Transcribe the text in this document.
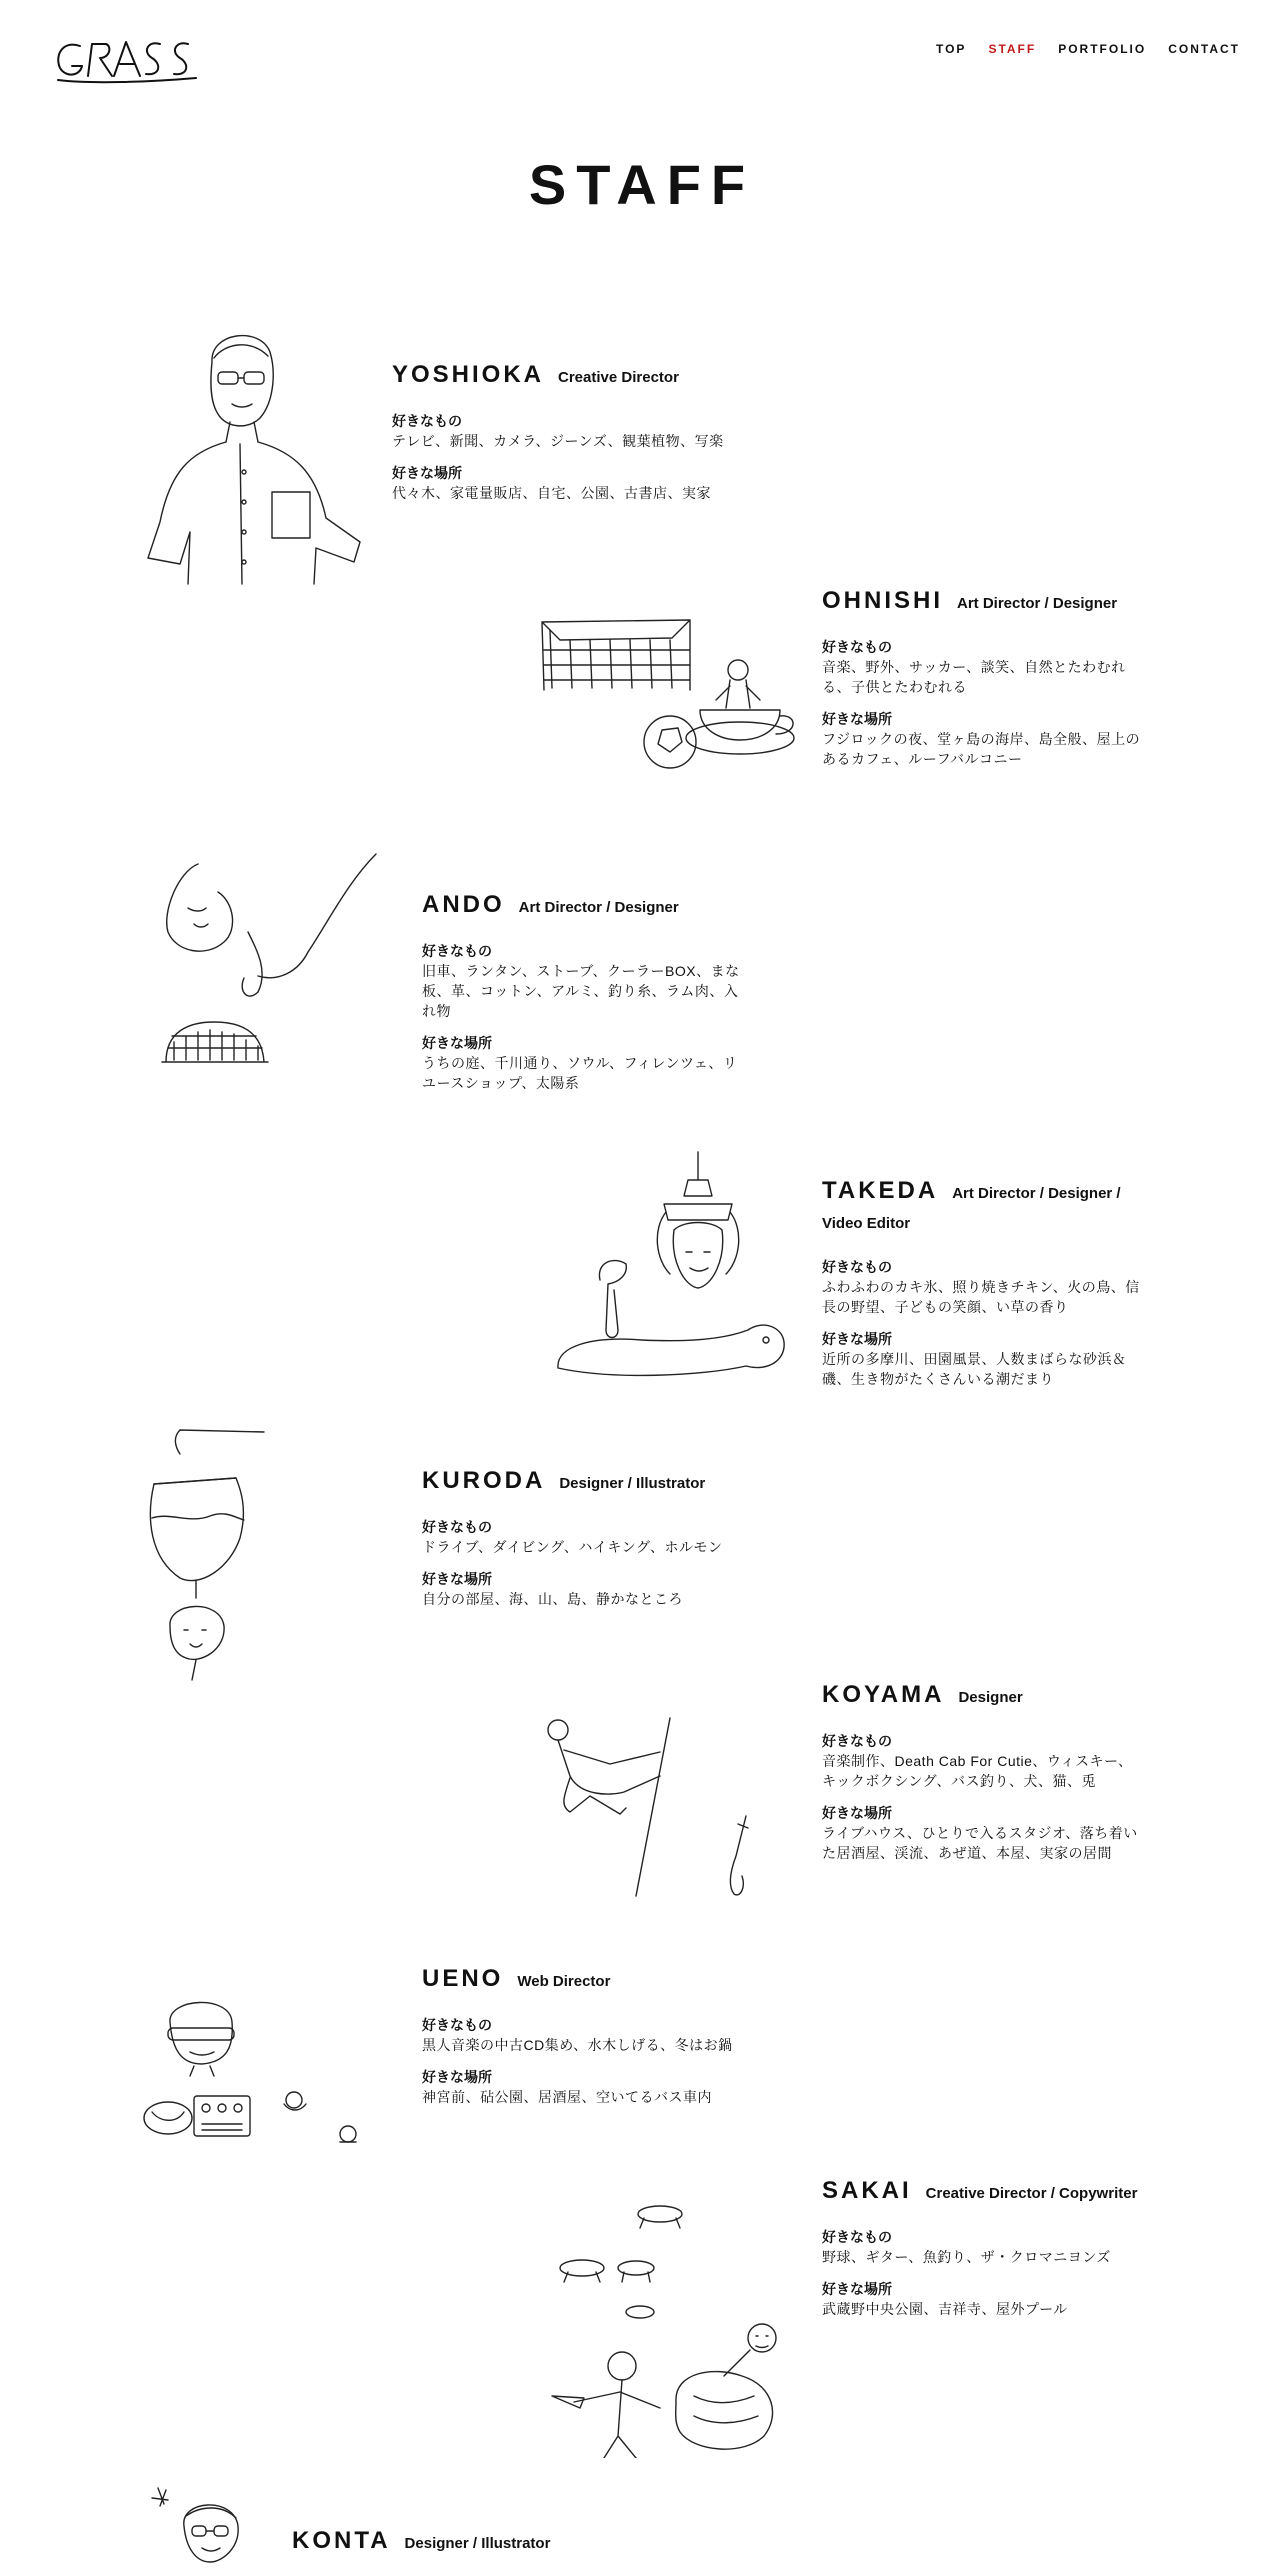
TOP STAFF PORTFOLIO CONTACT
STAFF
YOSHIOKA Creative Director
好きなもの
テレビ、新聞、カメラ、ジーンズ、観葉植物、写楽
好きな場所
代々木、家電量販店、自宅、公園、古書店、実家
OHNISHI Art Director / Designer
好きなもの
音楽、野外、サッカー、談笑、自然とたわむれる、子供とたわむれる
好きな場所
フジロックの夜、堂ヶ島の海岸、島全般、屋上のあるカフェ、ルーフバルコニー
ANDO Art Director / Designer
好きなもの
旧車、ランタン、ストーブ、クーラーBOX、まな板、革、コットン、アルミ、釣り糸、ラム肉、入れ物
好きな場所
うちの庭、千川通り、ソウル、フィレンツェ、リユースショップ、太陽系
TAKEDA Art Director / Designer / Video Editor
好きなもの
ふわふわのカキ氷、照り焼きチキン、火の鳥、信長の野望、子どもの笑顔、い草の香り
好きな場所
近所の多摩川、田園風景、人数まばらな砂浜＆磯、生き物がたくさんいる潮だまり
KURODA Designer / Illustrator
好きなもの
ドライブ、ダイビング、ハイキング、ホルモン
好きな場所
自分の部屋、海、山、島、静かなところ
KOYAMA Designer
好きなもの
音楽制作、Death Cab For Cutie、ウィスキー、キックボクシング、バス釣り、犬、猫、兎
好きな場所
ライブハウス、ひとりで入るスタジオ、落ち着いた居酒屋、渓流、あぜ道、本屋、実家の居間
UENO Web Director
好きなもの
黒人音楽の中古CD集め、水木しげる、冬はお鍋
好きな場所
神宮前、砧公園、居酒屋、空いてるバス車内
SAKAI Creative Director / Copywriter
好きなもの
野球、ギター、魚釣り、ザ・クロマニヨンズ
好きな場所
武蔵野中央公園、吉祥寺、屋外プール
KONTA Designer / Illustrator
